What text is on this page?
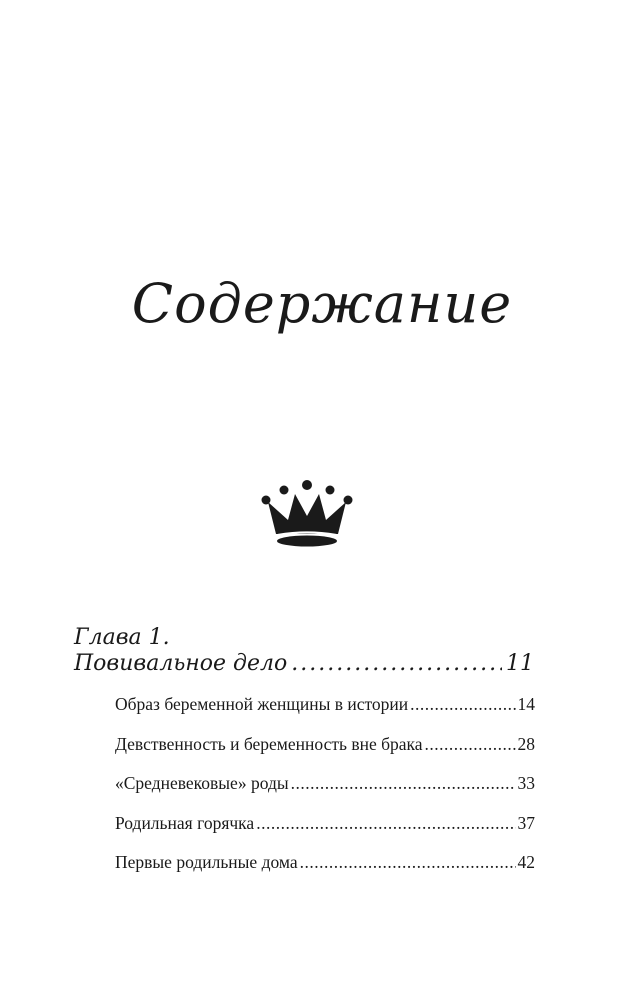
Содержание
Глава 1.
Повивальное дело .....	11
Образ беременной женщины в истории .....	14
Девственность и беременность вне брака .....	28
«Средневековые» роды .....	33
Родильная горячка .....	37
Первые родильные дома .....	42
